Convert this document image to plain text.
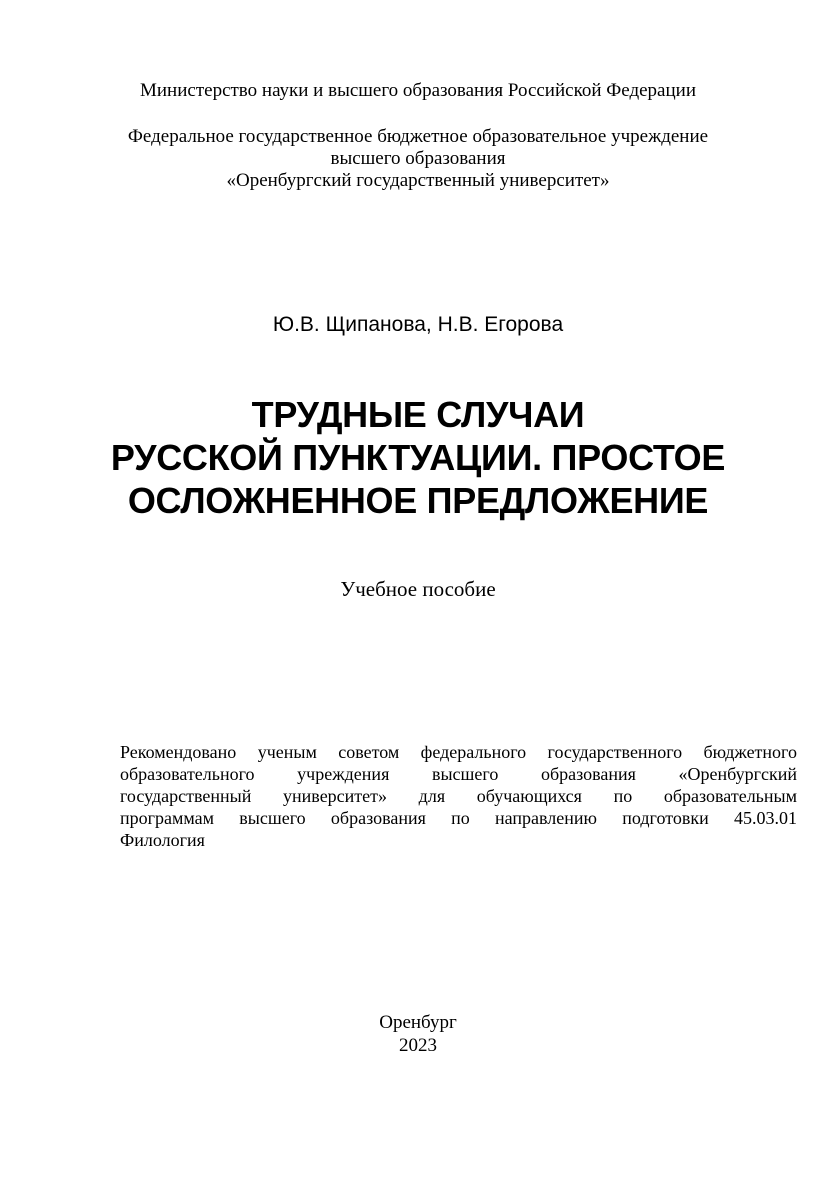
Министерство науки и высшего образования Российской Федерации
Федеральное государственное бюджетное образовательное учреждение
высшего образования
«Оренбургский государственный университет»
Ю.В. Щипанова, Н.В. Егорова
ТРУДНЫЕ СЛУЧАИ
РУССКОЙ ПУНКТУАЦИИ. ПРОСТОЕ
ОСЛОЖНЕННОЕ ПРЕДЛОЖЕНИЕ
Учебное пособие
Рекомендовано ученым советом федерального государственного бюджетного
образовательного учреждения высшего образования «Оренбургский
государственный университет» для обучающихся по образовательным
программам высшего образования по направлению подготовки 45.03.01
Филология
Оренбург
2023
